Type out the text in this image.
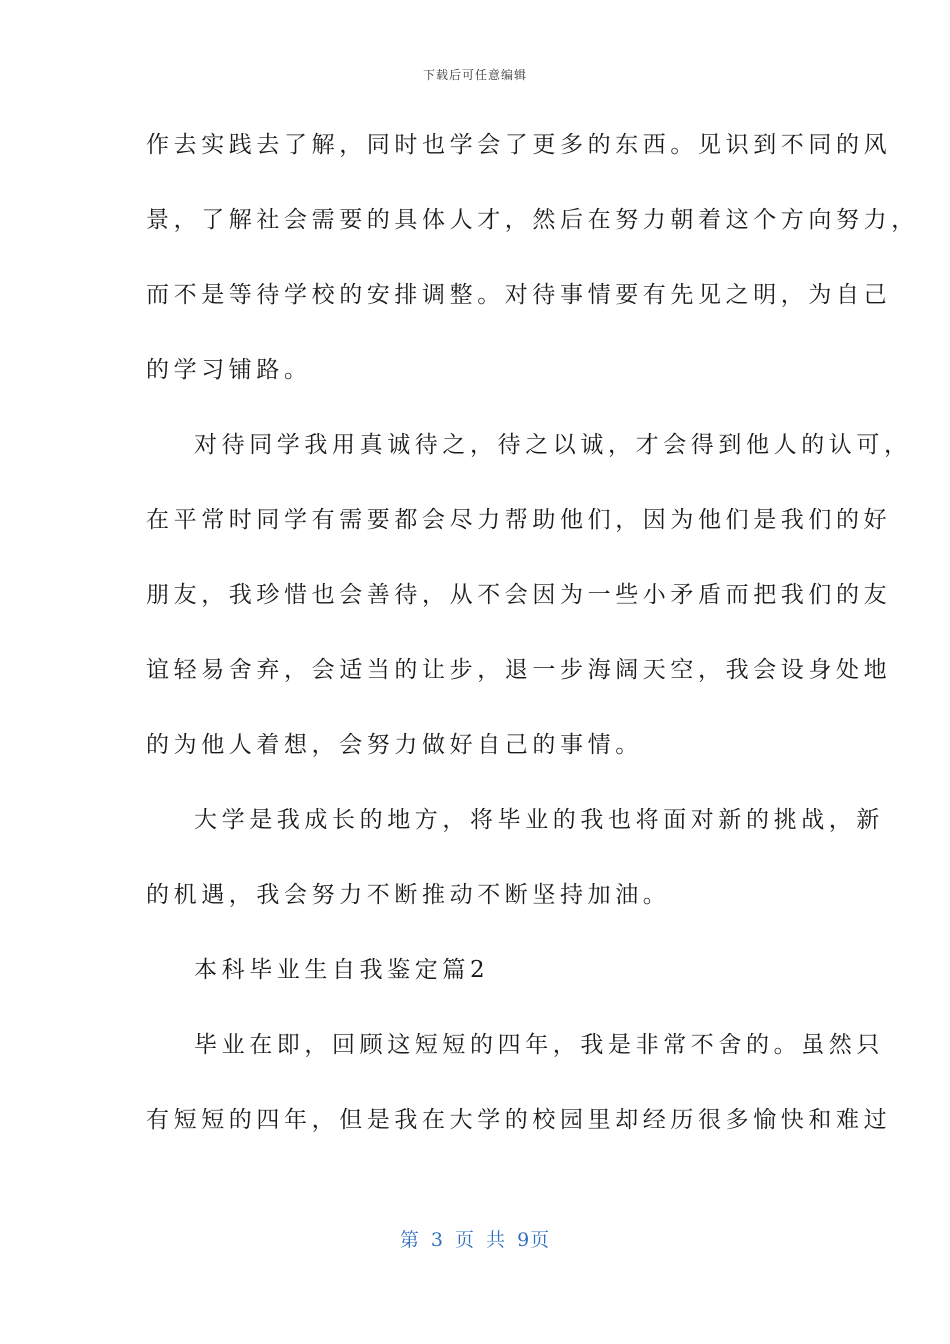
下载后可任意编辑
作去实践去了解，同时也学会了更多的东西。见识到不同的风
景，了解社会需要的具体人才，然后在努力朝着这个方向努力，
而不是等待学校的安排调整。对待事情要有先见之明，为自己
的学习铺路。
对待同学我用真诚待之，待之以诚，才会得到他人的认可，
在平常时同学有需要都会尽力帮助他们，因为他们是我们的好
朋友，我珍惜也会善待，从不会因为一些小矛盾而把我们的友
谊轻易舍弃，会适当的让步，退一步海阔天空，我会设身处地
的为他人着想，会努力做好自己的事情。
大学是我成长的地方，将毕业的我也将面对新的挑战，新
的机遇，我会努力不断推动不断坚持加油。
本科毕业生自我鉴定篇2
毕业在即，回顾这短短的四年，我是非常不舍的。虽然只
有短短的四年，但是我在大学的校园里却经历很多愉快和难过
第 3 页 共 9页
